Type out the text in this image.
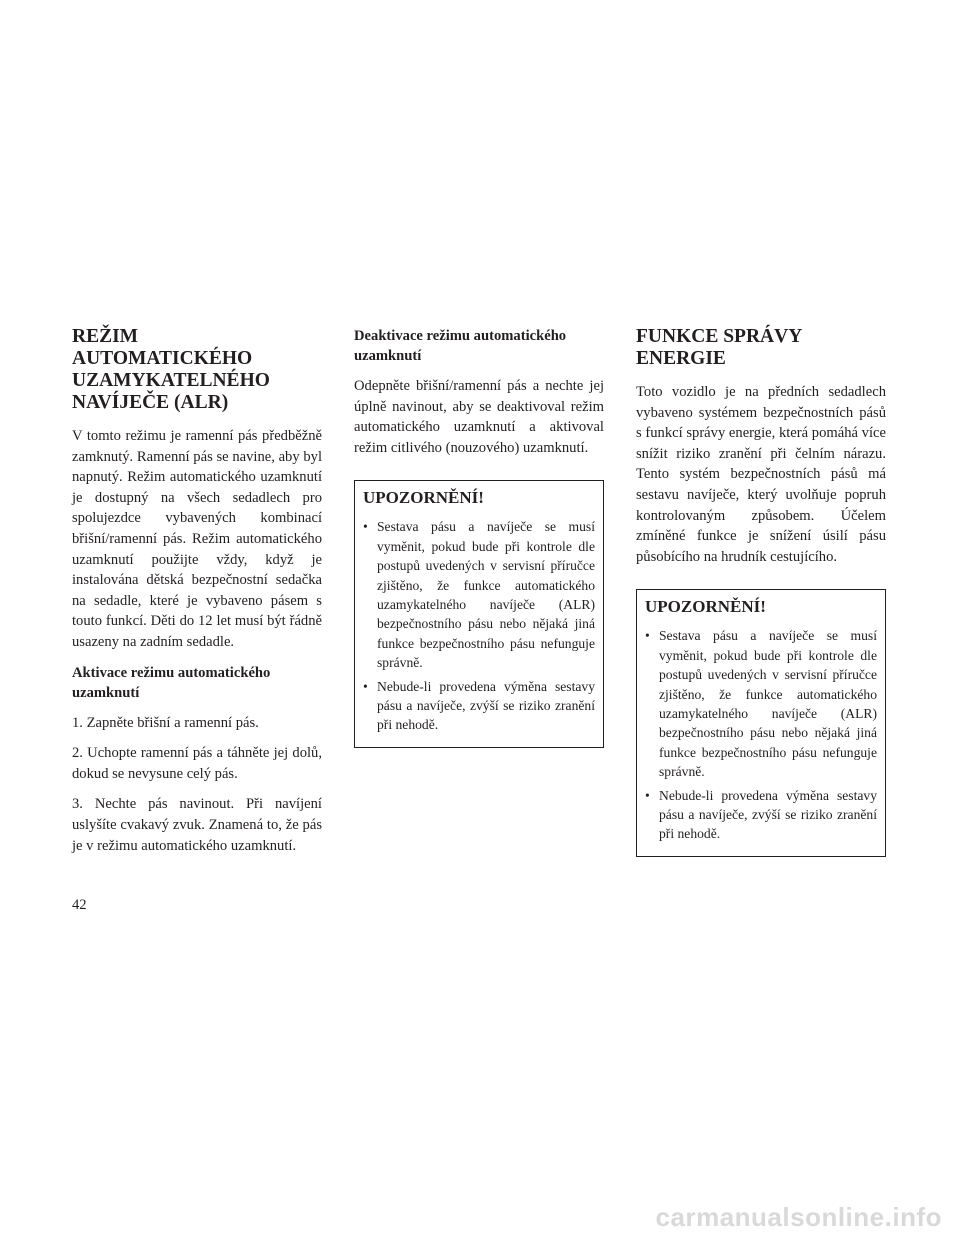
REŽIM
AUTOMATICKÉHO
UZAMYKATELNÉHO
NAVÍJEČE (ALR)

V tomto režimu je ramenní pás předběžně zamknutý. Ramenní pás se navine, aby byl napnutý. Režim automatického uzamknutí je dostupný na všech sedadlech pro spolujezdce vybavených kombinací břišní/ramenní pás. Režim automatického uzamknutí použijte vždy, když je instalována dětská bezpečnostní sedačka na sedadle, které je vybaveno pásem s touto funkcí. Děti do 12 let musí být řádně usazeny na zadním sedadle.

Aktivace režimu automatického
uzamknutí

1. Zapněte břišní a ramenní pás.

2. Uchopte ramenní pás a táhněte jej dolů, dokud se nevysune celý pás.

3. Nechte pás navinout. Při navíjení uslyšíte cvakavý zvuk. Znamená to, že pás je v režimu automatického uzamknutí.

Deaktivace režimu automatického
uzamknutí

Odepněte břišní/ramenní pás a nechte jej úplně navinout, aby se deaktivoval režim automatického uzamknutí a aktivoval režim citlivého (nouzového) uzamknutí.

UPOZORNĚNÍ!
• Sestava pásu a navíječe se musí vyměnit, pokud bude při kontrole dle postupů uvedených v servisní příručce zjištěno, že funkce automatického uzamykatelného navíječe (ALR) bezpečnostního pásu nebo nějaká jiná funkce bezpečnostního pásu nefunguje správně.
• Nebude-li provedena výměna sestavy pásu a navíječe, zvýší se riziko zranění při nehodě.
FUNKCE SPRÁVY
ENERGIE

Toto vozidlo je na předních sedadlech vybaveno systémem bezpečnostních pásů s funkcí správy energie, která pomáhá více snížit riziko zranění při čelním nárazu. Tento systém bezpečnostních pásů má sestavu navíječe, který uvolňuje popruh kontrolovaným způsobem. Účelem zmíněné funkce je snížení úsilí pásu působícího na hrudník cestujícího.

UPOZORNĚNÍ!
• Sestava pásu a navíječe se musí vyměnit, pokud bude při kontrole dle postupů uvedených v servisní příručce zjištěno, že funkce automatického uzamykatelného navíječe (ALR) bezpečnostního pásu nebo nějaká jiná funkce bezpečnostního pásu nefunguje správně.
• Nebude-li provedena výměna sestavy pásu a navíječe, zvýší se riziko zranění při nehodě.
42
carmanualsonline.info
